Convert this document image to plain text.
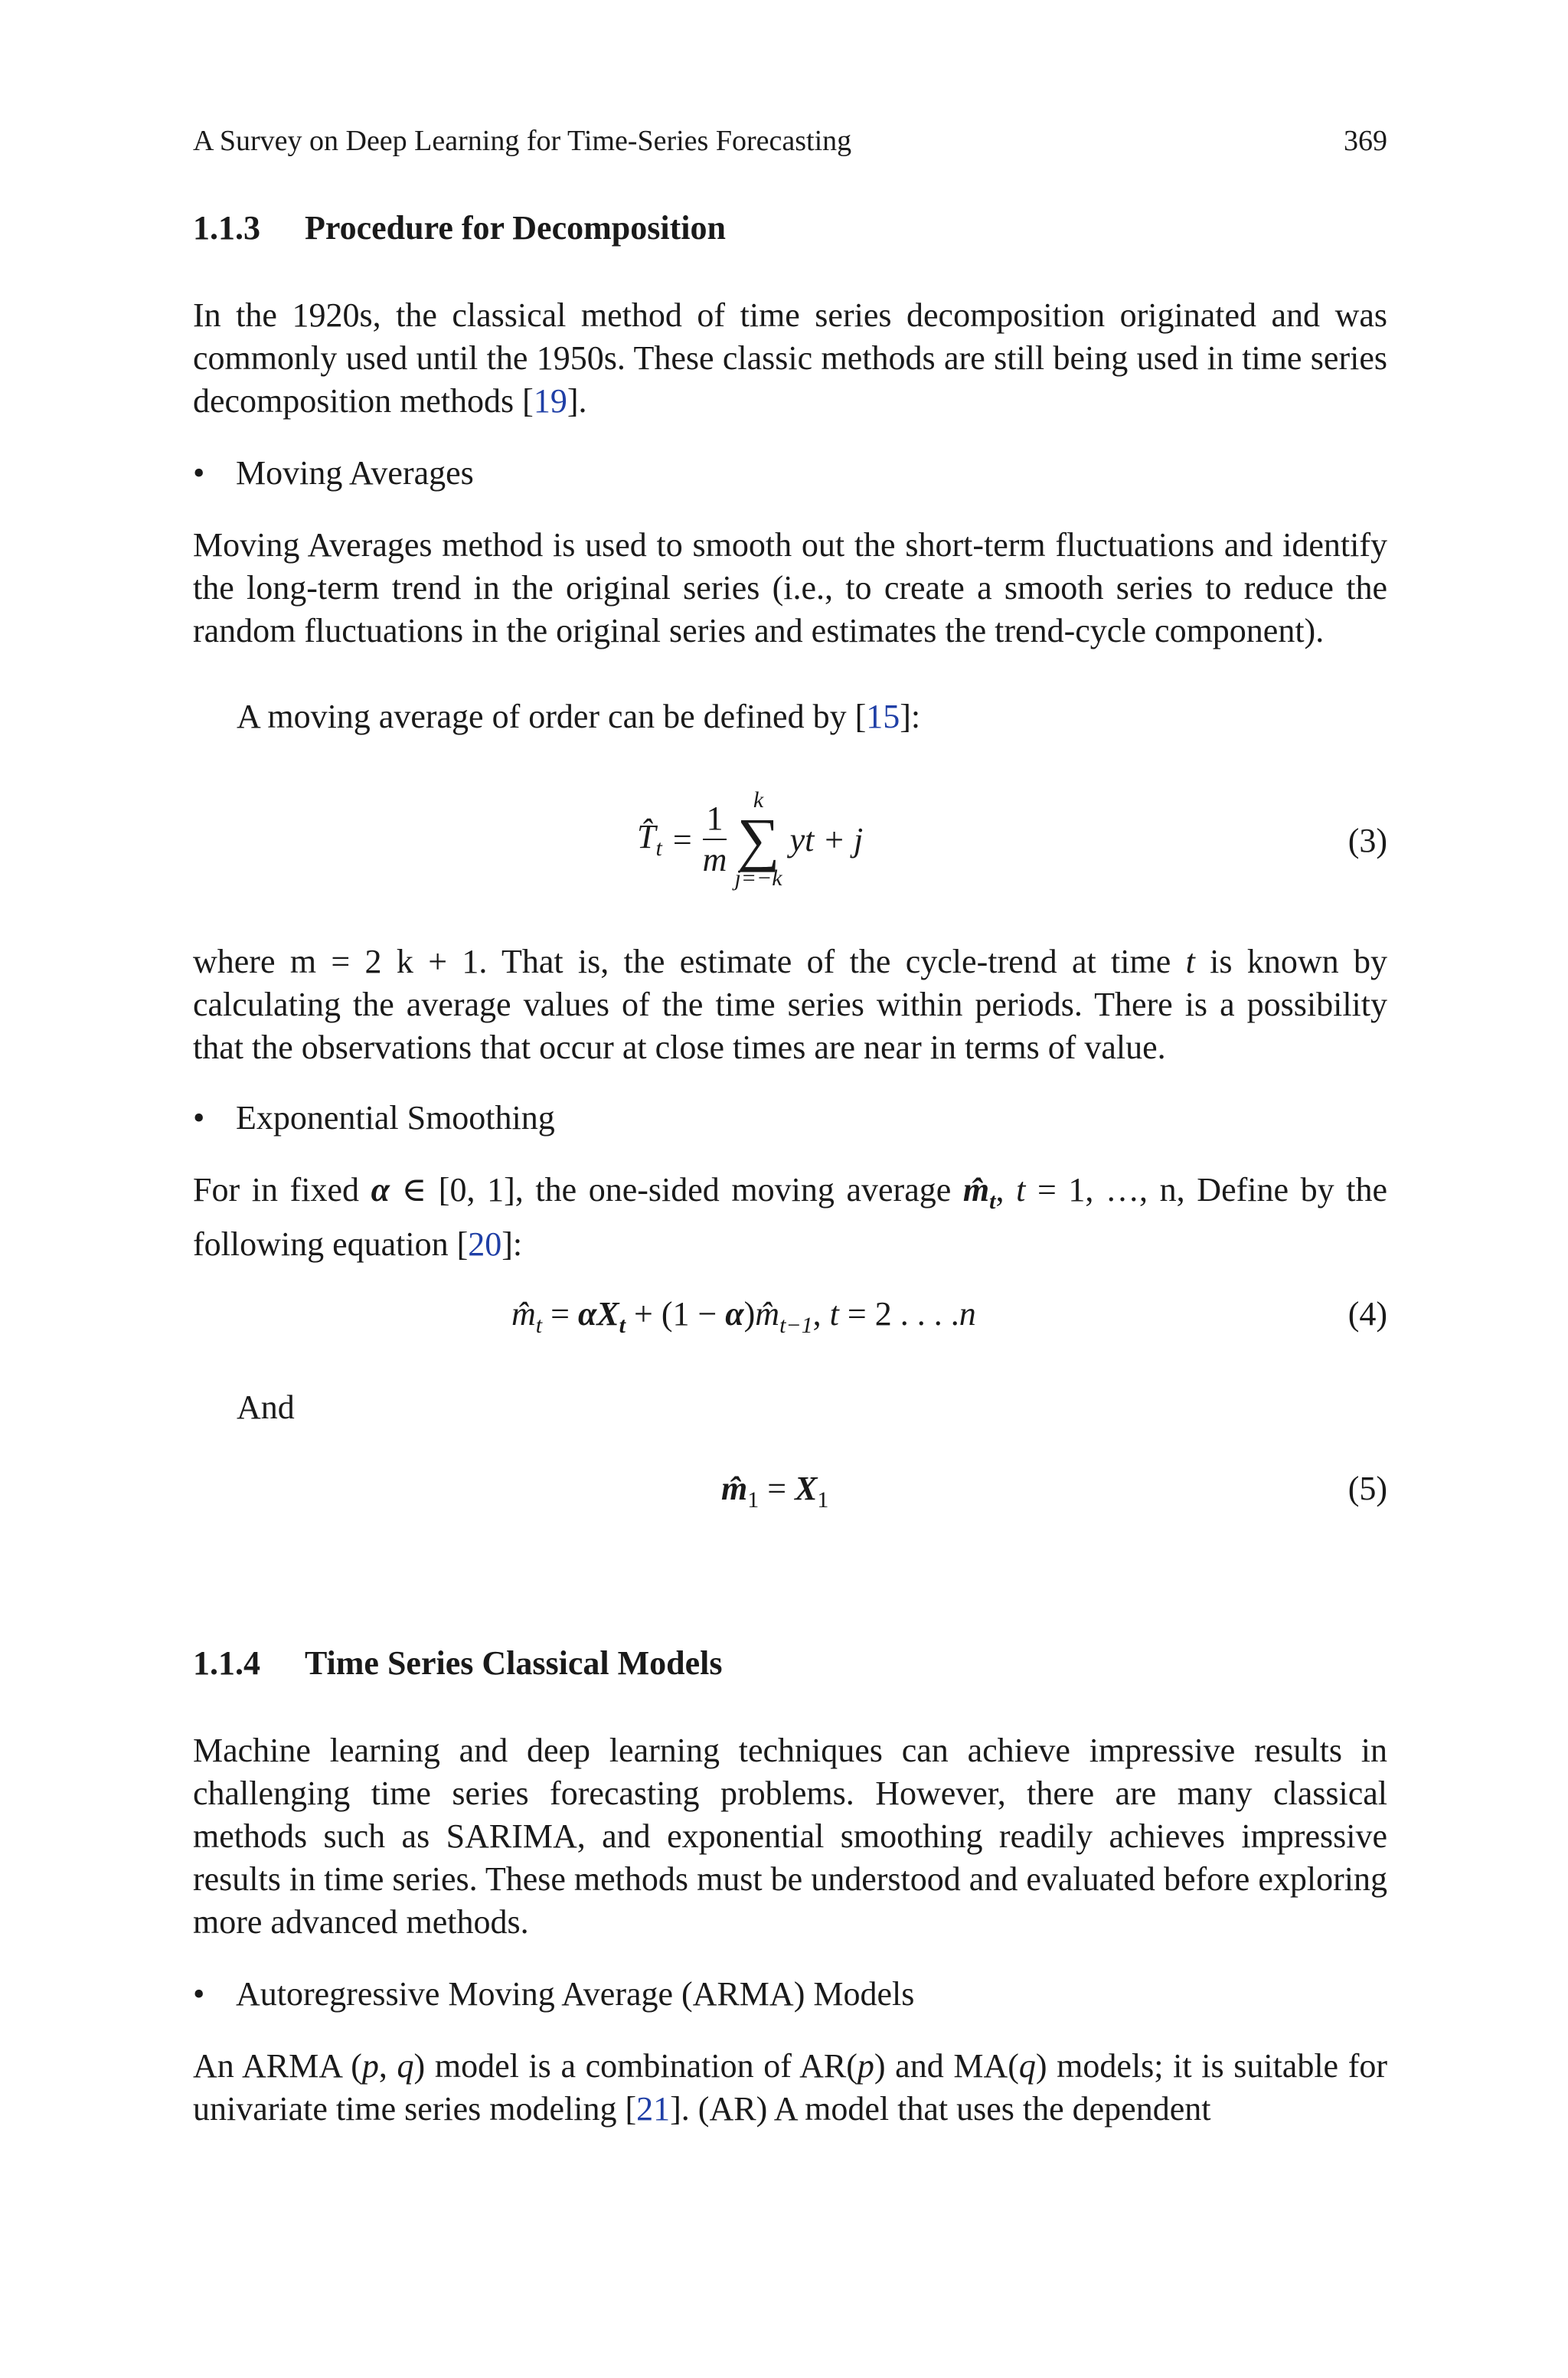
A Survey on Deep Learning for Time-Series Forecasting	369
1.1.3 Procedure for Decomposition

In the 1920s, the classical method of time series decomposition originated and was commonly used until the 1950s. These classic methods are still being used in time series decomposition methods [19].

• Moving Averages

Moving Averages method is used to smooth out the short-term fluctuations and identify the long-term trend in the original series (i.e., to create a smooth series to reduce the random fluctuations in the original series and estimates the trend-cycle component).

A moving average of order can be defined by [15]:

$T̂_t = \frac{1}{m}$	k
∑
j=−k
yt + j	(3)

where m = 2 k + 1. That is, the estimate of the cycle-trend at time t is known by calculating the average values of the time series within periods. There is a possibility that the observations that occur at close times are near in terms of value.

• Exponential Smoothing

For in fixed α ∈ [0, 1], the one-sided moving average $m̂_t$, t = 1, …, n, Define by the following equation [20]:

$m̂_t = \alpha X_t + (1$ − $\alpha)m̂_{t-1}$, t = 2 . . . .n	(4)
And
$m̂_1 = X_1$	(5)
1.1.4 Time Series Classical Models

Machine learning and deep learning techniques can achieve impressive results in challenging time series forecasting problems. However, there are many classical methods such as SARIMA, and exponential smoothing readily achieves impressive results in time series. These methods must be understood and evaluated before exploring more advanced methods.

• Autoregressive Moving Average (ARMA) Models

An ARMA (p, q) model is a combination of AR(p) and MA(q) models; it is suitable for univariate time series modeling [21]. (AR) A model that uses the dependent
